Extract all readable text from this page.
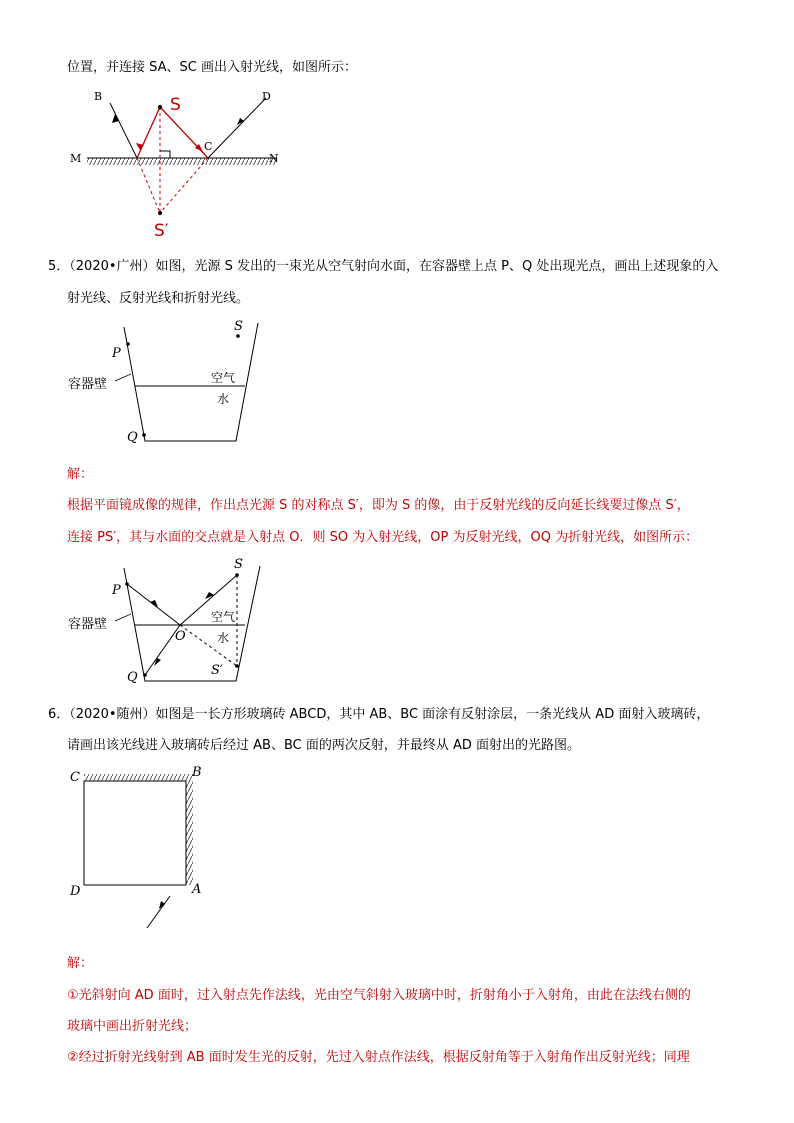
位置，并连接 SA、SC 画出入射光线，如图所示：
B	S	D
M
C
N
S′
S
P
Q
容器壁	空气
水
S
P
Q
O
S′
容器壁	空气
水
C	B
D	A
5．（2020•广州）如图，光源 S 发出的一束光从空气射向水面，在容器壁上点 P、Q 处出现光点，画出上述现象的入
射光线、反射光线和折射光线。
解：
根据平面镜成像的规律，作出点光源 S 的对称点 S′，即为 S 的像，由于反射光线的反向延长线要过像点 S′，
连接 PS′，其与水面的交点就是入射点 O．则 SO 为入射光线，OP 为反射光线，OQ 为折射光线，如图所示：
6．（2020•随州）如图是一长方形玻璃砖 ABCD，其中 AB、BC 面涂有反射涂层，一条光线从 AD 面射入玻璃砖，
请画出该光线进入玻璃砖后经过 AB、BC 面的两次反射，并最终从 AD 面射出的光路图。
解：
①光斜射向 AD 面时，过入射点先作法线，光由空气斜射入玻璃中时，折射角小于入射角，由此在法线右侧的
玻璃中画出折射光线；
②经过折射光线射到 AB 面时发生光的反射，先过入射点作法线，根据反射角等于入射角作出反射光线；同理
